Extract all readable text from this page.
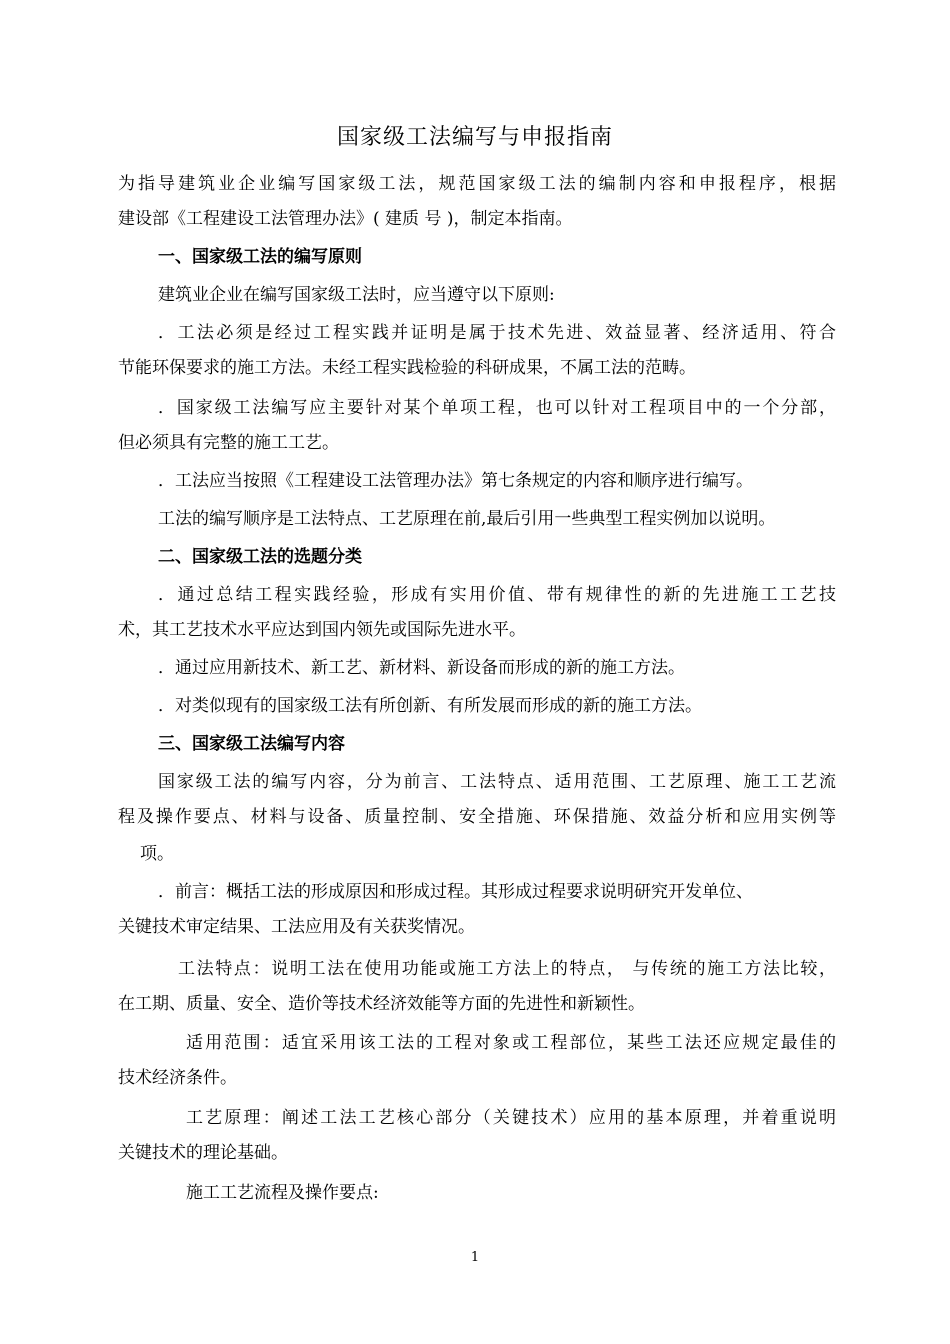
国家级工法编写与申报指南
为指导建筑业企业编写国家级工法，规范国家级工法的编制内容和申报程序，根据
建设部《工程建设工法管理办法》( 建质 号 )，制定本指南。
一、国家级工法的编写原则
建筑业企业在编写国家级工法时，应当遵守以下原则:
．工法必须是经过工程实践并证明是属于技术先进、效益显著、经济适用、符合
节能环保要求的施工方法。未经工程实践检验的科研成果，不属工法的范畴。
．国家级工法编写应主要针对某个单项工程，也可以针对工程项目中的一个分部，
但必须具有完整的施工工艺。
．工法应当按照《工程建设工法管理办法》第七条规定的内容和顺序进行编写。
工法的编写顺序是工法特点、工艺原理在前,最后引用一些典型工程实例加以说明。
二、国家级工法的选题分类
．通过总结工程实践经验，形成有实用价值、带有规律性的新的先进施工工艺技
术，其工艺技术水平应达到国内领先或国际先进水平。
．通过应用新技术、新工艺、新材料、新设备而形成的新的施工方法。
．对类似现有的国家级工法有所创新、有所发展而形成的新的施工方法。
三、国家级工法编写内容
国家级工法的编写内容，分为前言、工法特点、适用范围、工艺原理、施工工艺流
程及操作要点、材料与设备、质量控制、安全措施、环保措施、效益分析和应用实例等
项。
．前言：概括工法的形成原因和形成过程。其形成过程要求说明研究开发单位、
关键技术审定结果、工法应用及有关获奖情况。
工法特点：说明工法在使用功能或施工方法上的特点， 与传统的施工方法比较，
在工期、质量、安全、造价等技术经济效能等方面的先进性和新颖性。
适用范围：适宜采用该工法的工程对象或工程部位，某些工法还应规定最佳的
技术经济条件。
工艺原理：阐述工法工艺核心部分（关键技术）应用的基本原理，并着重说明
关键技术的理论基础。
施工工艺流程及操作要点:
1
